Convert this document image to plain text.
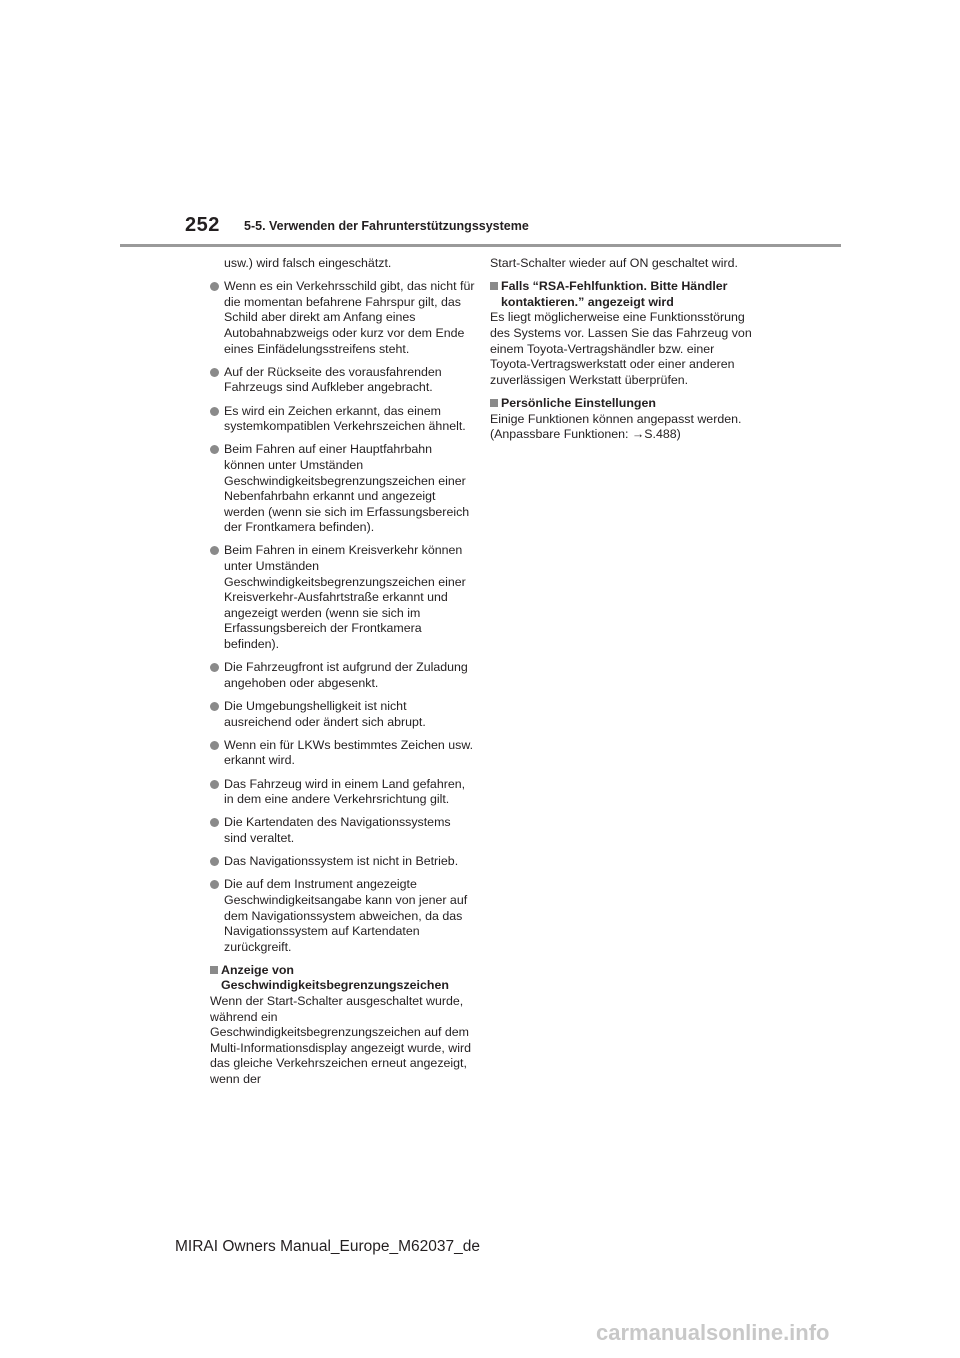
252 5-5. Verwenden der Fahrunterstützungssysteme

usw.) wird falsch eingeschätzt.

Wenn es ein Verkehrsschild gibt, das nicht für die momentan befahrene Fahrspur gilt, das Schild aber direkt am Anfang eines Autobahnabzweigs oder kurz vor dem Ende eines Einfädelungsstreifens steht.
Auf der Rückseite des vorausfahrenden Fahrzeugs sind Aufkleber angebracht.
Es wird ein Zeichen erkannt, das einem systemkompatiblen Verkehrszeichen ähnelt.
Beim Fahren auf einer Hauptfahrbahn können unter Umständen Geschwindigkeitsbegrenzungszeichen einer Nebenfahrbahn erkannt und angezeigt werden (wenn sie sich im Erfassungsbereich der Frontkamera befinden).
Beim Fahren in einem Kreisverkehr können unter Umständen Geschwindigkeitsbegrenzungszeichen einer Kreisverkehr-Ausfahrtstraße erkannt und angezeigt werden (wenn sie sich im Erfassungsbereich der Frontkamera befinden).
Die Fahrzeugfront ist aufgrund der Zuladung angehoben oder abgesenkt.
Die Umgebungshelligkeit ist nicht ausreichend oder ändert sich abrupt.
Wenn ein für LKWs bestimmtes Zeichen usw. erkannt wird.
Das Fahrzeug wird in einem Land gefahren, in dem eine andere Verkehrsrichtung gilt.
Die Kartendaten des Navigationssystems sind veraltet.
Das Navigationssystem ist nicht in Betrieb.
Die auf dem Instrument angezeigte Geschwindigkeitsangabe kann von jener auf dem Navigationssystem abweichen, da das Navigationssystem auf Kartendaten zurückgreift.
Anzeige von Geschwindigkeitsbegrenzungszeichen

Wenn der Start-Schalter ausgeschaltet wurde, während ein Geschwindigkeitsbegrenzungszeichen auf dem Multi-Informationsdisplay angezeigt wurde, wird das gleiche Verkehrszeichen erneut angezeigt, wenn der

Start-Schalter wieder auf ON geschaltet wird.

Falls “RSA-Fehlfunktion. Bitte Händler kontaktieren.” angezeigt wird

Es liegt möglicherweise eine Funktionsstörung des Systems vor. Lassen Sie das Fahrzeug von einem Toyota-Vertragshändler bzw. einer Toyota-Vertragswerkstatt oder einer anderen zuverlässigen Werkstatt überprüfen.

Persönliche Einstellungen

Einige Funktionen können angepasst werden. (Anpassbare Funktionen: →S.488)

MIRAI Owners Manual_Europe_M62037_de
carmanualsonline.info
